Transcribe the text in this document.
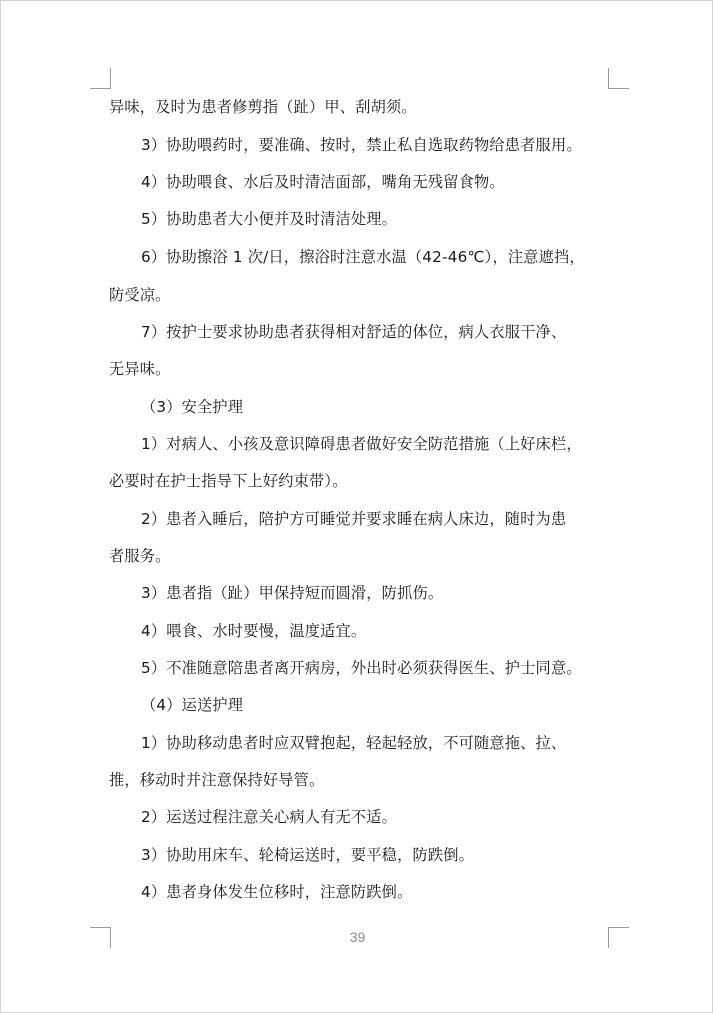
异味，及时为患者修剪指（趾）甲、刮胡须。
3）协助喂药时，要准确、按时，禁止私自选取药物给患者服用。
4）协助喂食、水后及时清洁面部，嘴角无残留食物。
5）协助患者大小便并及时清洁处理。
6）协助擦浴 1 次/日，擦浴时注意水温（42-46℃），注意遮挡，
防受凉。
7）按护士要求协助患者获得相对舒适的体位，病人衣服干净、
无异味。
（3）安全护理
1）对病人、小孩及意识障碍患者做好安全防范措施（上好床栏，
必要时在护士指导下上好约束带）。
2）患者入睡后，陪护方可睡觉并要求睡在病人床边，随时为患
者服务。
3）患者指（趾）甲保持短而圆滑，防抓伤。
4）喂食、水时要慢，温度适宜。
5）不准随意陪患者离开病房，外出时必须获得医生、护士同意。
（4）运送护理
1）协助移动患者时应双臂抱起，轻起轻放，不可随意拖、拉、
推，移动时并注意保持好导管。
2）运送过程注意关心病人有无不适。
3）协助用床车、轮椅运送时，要平稳，防跌倒。
4）患者身体发生位移时，注意防跌倒。
39
